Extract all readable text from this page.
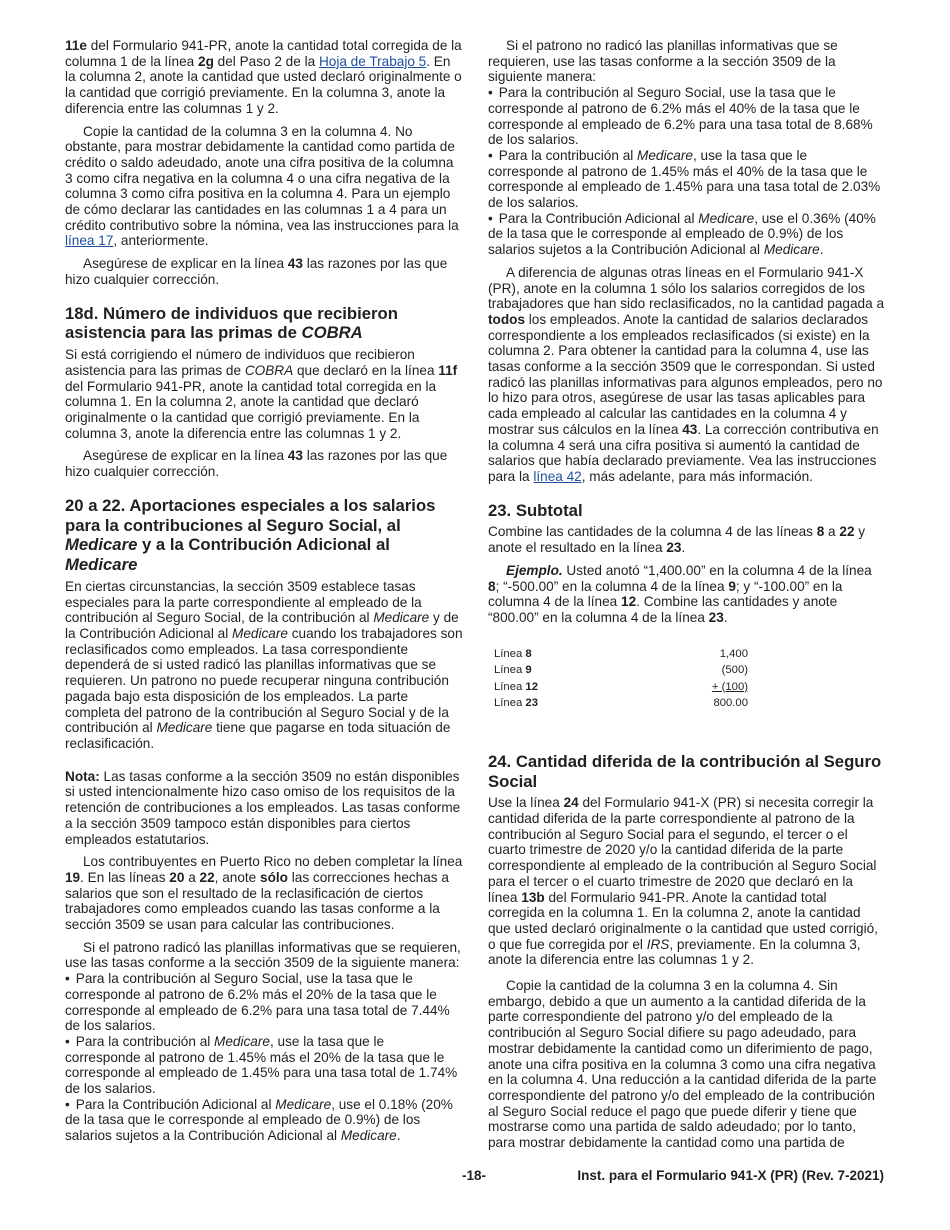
11e del Formulario 941-PR, anote la cantidad total corregida de la columna 1 de la línea 2g del Paso 2 de la Hoja de Trabajo 5. En la columna 2, anote la cantidad que usted declaró originalmente o la cantidad que corrigió previamente. En la columna 3, anote la diferencia entre las columnas 1 y 2.

Copie la cantidad de la columna 3 en la columna 4. No obstante, para mostrar debidamente la cantidad como partida de crédito o saldo adeudado, anote una cifra positiva de la columna 3 como cifra negativa en la columna 4 o una cifra negativa de la columna 3 como cifra positiva en la columna 4. Para un ejemplo de cómo declarar las cantidades en las columnas 1 a 4 para un crédito contributivo sobre la nómina, vea las instrucciones para la línea 17, anteriormente.

Asegúrese de explicar en la línea 43 las razones por las que hizo cualquier corrección.

18d. Número de individuos que recibieron asistencia para las primas de COBRA

Si está corrigiendo el número de individuos que recibieron asistencia para las primas de COBRA que declaró en la línea 11f del Formulario 941-PR, anote la cantidad total corregida en la columna 1. En la columna 2, anote la cantidad que declaró originalmente o la cantidad que corrigió previamente. En la columna 3, anote la diferencia entre las columnas 1 y 2.

Asegúrese de explicar en la línea 43 las razones por las que hizo cualquier corrección.

20 a 22. Aportaciones especiales a los salarios para la contribuciones al Seguro Social, al Medicare y a la Contribución Adicional al Medicare

En ciertas circunstancias, la sección 3509 establece tasas especiales para la parte correspondiente al empleado de la contribución al Seguro Social, de la contribución al Medicare y de la Contribución Adicional al Medicare cuando los trabajadores son reclasificados como empleados. La tasa correspondiente dependerá de si usted radicó las planillas informativas que se requieren. Un patrono no puede recuperar ninguna contribución pagada bajo esta disposición de los empleados. La parte completa del patrono de la contribución al Seguro Social y de la contribución al Medicare tiene que pagarse en toda situación de reclasificación.

Nota: Las tasas conforme a la sección 3509 no están disponibles si usted intencionalmente hizo caso omiso de los requisitos de la retención de contribuciones a los empleados. Las tasas conforme a la sección 3509 tampoco están disponibles para ciertos empleados estatutarios.

Los contribuyentes en Puerto Rico no deben completar la línea 19. En las líneas 20 a 22, anote sólo las correcciones hechas a salarios que son el resultado de la reclasificación de ciertos trabajadores como empleados cuando las tasas conforme a la sección 3509 se usan para calcular las contribuciones.

Si el patrono radicó las planillas informativas que se requieren, use las tasas conforme a la sección 3509 de la siguiente manera:

• Para la contribución al Seguro Social, use la tasa que le corresponde al patrono de 6.2% más el 20% de la tasa que le corresponde al empleado de 6.2% para una tasa total de 7.44% de los salarios.

• Para la contribución al Medicare, use la tasa que le corresponde al patrono de 1.45% más el 20% de la tasa que le corresponde al empleado de 1.45% para una tasa total de 1.74% de los salarios.

• Para la Contribución Adicional al Medicare, use el 0.18% (20% de la tasa que le corresponde al empleado de 0.9%) de los salarios sujetos a la Contribución Adicional al Medicare.

Si el patrono no radicó las planillas informativas que se requieren, use las tasas conforme a la sección 3509 de la siguiente manera:

• Para la contribución al Seguro Social, use la tasa que le corresponde al patrono de 6.2% más el 40% de la tasa que le corresponde al empleado de 6.2% para una tasa total de 8.68% de los salarios.

• Para la contribución al Medicare, use la tasa que le corresponde al patrono de 1.45% más el 40% de la tasa que le corresponde al empleado de 1.45% para una tasa total de 2.03% de los salarios.

• Para la Contribución Adicional al Medicare, use el 0.36% (40% de la tasa que le corresponde al empleado de 0.9%) de los salarios sujetos a la Contribución Adicional al Medicare.

A diferencia de algunas otras líneas en el Formulario 941-X (PR), anote en la columna 1 sólo los salarios corregidos de los trabajadores que han sido reclasificados, no la cantidad pagada a todos los empleados. Anote la cantidad de salarios declarados correspondiente a los empleados reclasificados (si existe) en la columna 2. Para obtener la cantidad para la columna 4, use las tasas conforme a la sección 3509 que le correspondan. Si usted radicó las planillas informativas para algunos empleados, pero no lo hizo para otros, asegúrese de usar las tasas aplicables para cada empleado al calcular las cantidades en la columna 4 y mostrar sus cálculos en la línea 43. La corrección contributiva en la columna 4 será una cifra positiva si aumentó la cantidad de salarios que había declarado previamente. Vea las instrucciones para la línea 42, más adelante, para más información.

23. Subtotal

Combine las cantidades de la columna 4 de las líneas 8 a 22 y anote el resultado en la línea 23.

Ejemplo. Usted anotó “1,400.00” en la columna 4 de la línea 8; “-500.00” en la columna 4 de la línea 9; y “-100.00” en la columna 4 de la línea 12. Combine las cantidades y anote “800.00” en la columna 4 de la línea 23.

Línea 8	1,400
Línea 9	(500)
Línea 12	+ (100)
Línea 23	800.00
24. Cantidad diferida de la contribución al Seguro Social

Use la línea 24 del Formulario 941-X (PR) si necesita corregir la cantidad diferida de la parte correspondiente al patrono de la contribución al Seguro Social para el segundo, el tercer o el cuarto trimestre de 2020 y/o la cantidad diferida de la parte correspondiente al empleado de la contribución al Seguro Social para el tercer o el cuarto trimestre de 2020 que declaró en la línea 13b del Formulario 941-PR. Anote la cantidad total corregida en la columna 1. En la columna 2, anote la cantidad que usted declaró originalmente o la cantidad que usted corrigió, o que fue corregida por el IRS, previamente. En la columna 3, anote la diferencia entre las columnas 1 y 2.

Copie la cantidad de la columna 3 en la columna 4. Sin embargo, debido a que un aumento a la cantidad diferida de la parte correspondiente del patrono y/o del empleado de la contribución al Seguro Social difiere su pago adeudado, para mostrar debidamente la cantidad como un diferimiento de pago, anote una cifra positiva en la columna 3 como una cifra negativa en la columna 4. Una reducción a la cantidad diferida de la parte correspondiente del patrono y/o del empleado de la contribución al Seguro Social reduce el pago que puede diferir y tiene que mostrarse como una partida de saldo adeudado; por lo tanto, para mostrar debidamente la cantidad como una partida de

-18-	Inst. para el Formulario 941-X (PR) (Rev. 7-2021)
